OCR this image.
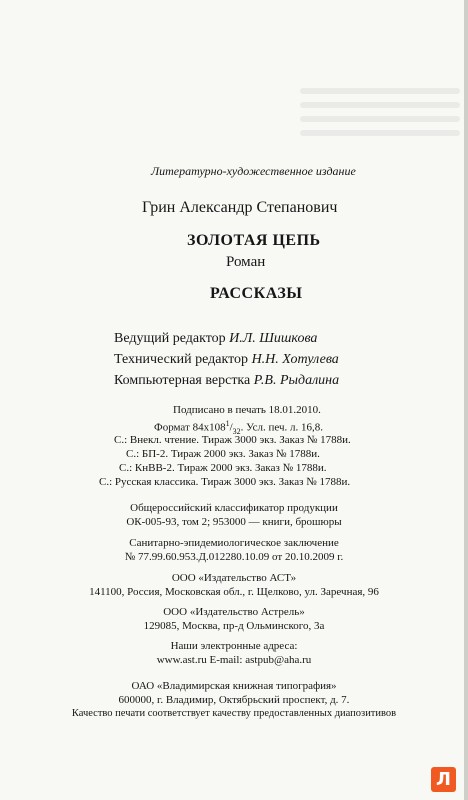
Литературно-художественное издание
Грин Александр Степанович
ЗОЛОТАЯ ЦЕПЬ
Роман
РАССКАЗЫ
Ведущий редактор И.Л. Шишкова
Технический редактор Н.Н. Хотулева
Компьютерная верстка Р.В. Рыдалина
Подписано в печать 18.01.2010.
Формат $84х108^1/_{32}$. Усл. печ. л. 16,8.
С.: Внекл. чтение. Тираж 3000 экз. Заказ № 1788и.
С.: БП-2. Тираж 2000 экз. Заказ № 1788и.
С.: КнВВ-2. Тираж 2000 экз. Заказ № 1788и.
С.: Русская классика. Тираж 3000 экз. Заказ № 1788и.
Общероссийский классификатор продукции
ОК-005-93, том 2; 953000 — книги, брошюры
Санитарно-эпидемиологическое заключение
№ 77.99.60.953.Д.012280.10.09 от 20.10.2009 г.
ООО «Издательство АСТ»
141100, Россия, Московская обл., г. Щелково, ул. Заречная, 96
ООО «Издательство Астрель»
129085, Москва, пр-д Ольминского, 3а
Наши электронные адреса:
www.ast.ru E-mail: astpub@aha.ru
ОАО «Владимирская книжная типография»
600000, г. Владимир, Октябрьский проспект, д. 7.
Качество печати соответствует качеству предоставленных диапозитивов
Л
